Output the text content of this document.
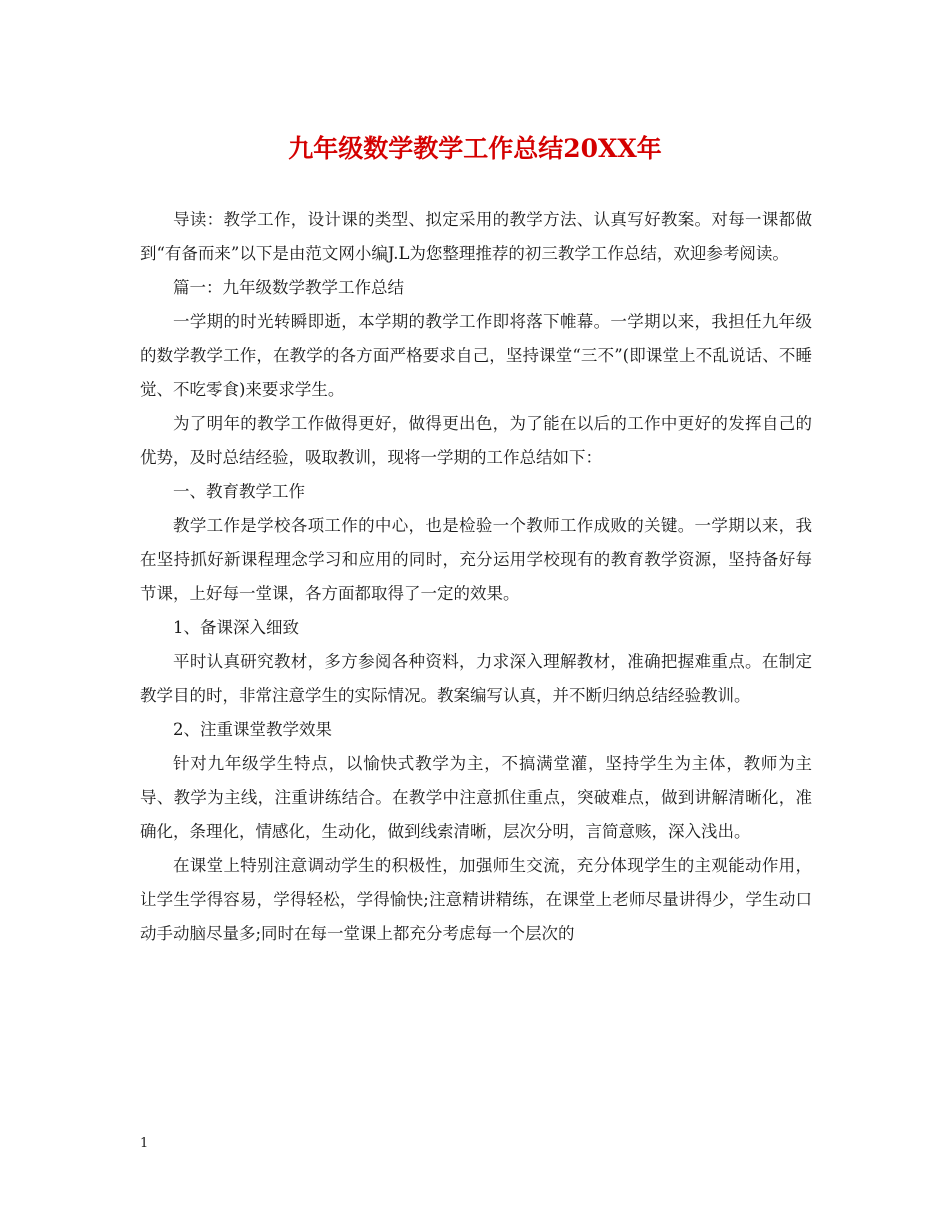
九年级数学教学工作总结20XX年

导读：教学工作，设计课的类型、拟定采用的教学方法、认真写好教案。对每一课都做到“有备而来”以下是由范文网小编J.L为您整理推荐的初三教学工作总结，欢迎参考阅读。

篇一：九年级数学教学工作总结

一学期的时光转瞬即逝，本学期的教学工作即将落下帷幕。一学期以来，我担任九年级的数学教学工作，在教学的各方面严格要求自己，坚持课堂“三不”(即课堂上不乱说话、不睡觉、不吃零食)来要求学生。

为了明年的教学工作做得更好，做得更出色，为了能在以后的工作中更好的发挥自己的优势，及时总结经验，吸取教训，现将一学期的工作总结如下：

一、教育教学工作

教学工作是学校各项工作的中心，也是检验一个教师工作成败的关键。一学期以来，我在坚持抓好新课程理念学习和应用的同时，充分运用学校现有的教育教学资源，坚持备好每节课，上好每一堂课，各方面都取得了一定的效果。

1、备课深入细致

平时认真研究教材，多方参阅各种资料，力求深入理解教材，准确把握难重点。在制定教学目的时，非常注意学生的实际情况。教案编写认真，并不断归纳总结经验教训。

2、注重课堂教学效果

针对九年级学生特点，以愉快式教学为主，不搞满堂灌，坚持学生为主体，教师为主导、教学为主线，注重讲练结合。在教学中注意抓住重点，突破难点，做到讲解清晰化，准确化，条理化，情感化，生动化，做到线索清晰，层次分明，言简意赅，深入浅出。

在课堂上特别注意调动学生的积极性，加强师生交流，充分体现学生的主观能动作用，让学生学得容易，学得轻松，学得愉快;注意精讲精练，在课堂上老师尽量讲得少，学生动口动手动脑尽量多;同时在每一堂课上都充分考虑每一个层次的

1
